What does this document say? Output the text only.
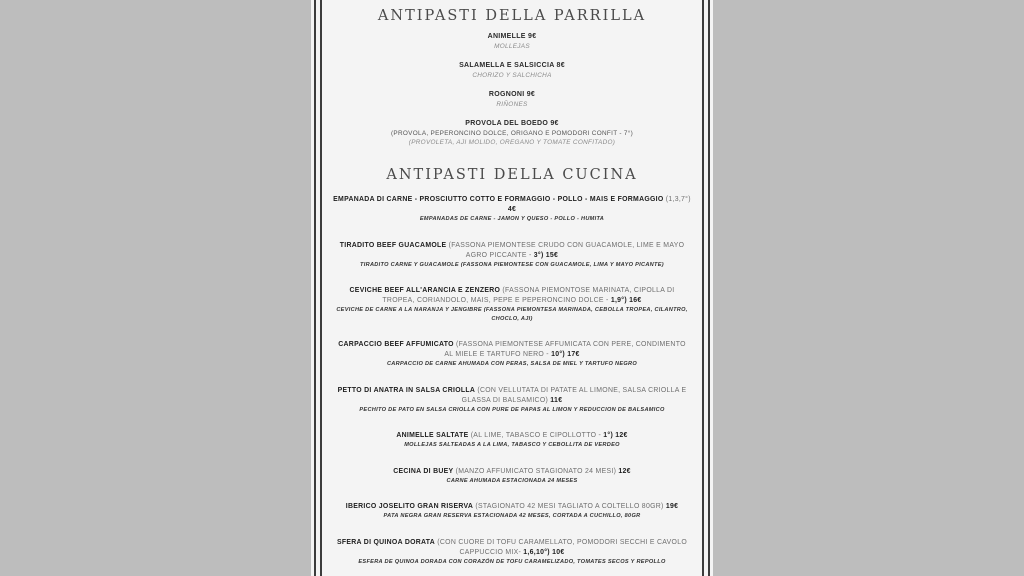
ANTIPASTI DELLA PARRILLA
ANIMELLE 9€
MOLLEJAS
SALAMELLA E SALSICCIA 8€
CHORIZO Y SALCHICHA
ROGNONI 9€
RIÑONES
PROVOLA DEL BOEDO 9€
(PROVOLA, PEPERONCINO DOLCE, ORIGANO E POMODORI CONFIT - 7°)
(PROVOLETA, AJI MOLIDO, OREGANO Y TOMATE CONFITADO)
ANTIPASTI DELLA CUCINA
EMPANADA DI CARNE - PROSCIUTTO COTTO E FORMAGGIO - POLLO - MAIS E FORMAGGIO (1,3,7°) 4€
EMPANADAS DE CARNE - JAMON Y QUESO - POLLO - HUMITA
TIRADITO BEEF GUACAMOLE (FASSONA PIEMONTESE CRUDO CON GUACAMOLE, LIME E MAYO AGRO PICCANTE - 3°) 15€
TIRADITO CARNE Y GUACAMOLE (FASSONA PIEMONTESE CON GUACAMOLE, LIMA Y MAYO PICANTE)
CEVICHE BEEF ALL'ARANCIA E ZENZERO (FASSONA PIEMONTOSE MARINATA, CIPOLLA DI TROPEA, CORIANDOLO, MAIS, PEPE E PEPERONCINO DOLCE - 1,9°) 16€
CEVICHE DE CARNE A LA NARANJA Y JENGIBRE (FASSONA PIEMONTESA MARINADA, CEBOLLA TROPEA, CILANTRO, CHOCLO, AJI)
CARPACCIO BEEF AFFUMICATO (FASSONA PIEMONTESE AFFUMICATA CON PERE, CONDIMENTO AL MIELE E TARTUFO NERO - 10°) 17€
CARPACCIO DE CARNE AHUMADA CON PERAS, SALSA DE MIEL Y TARTUFO NEGRO
PETTO DI ANATRA IN SALSA CRIOLLA (CON VELLUTATA DI PATATE AL LIMONE, SALSA CRIOLLA E GLASSA DI BALSAMICO) 11€
PECHITO DE PATO EN SALSA CRIOLLA CON PURE DE PAPAS AL LIMON Y REDUCCION DE BALSAMICO
ANIMELLE SALTATE (AL LIME, TABASCO E CIPOLLOTTO - 1°) 12€
MOLLEJAS SALTEADAS A LA LIMA, TABASCO Y CEBOLLITA DE VERDEO
CECINA DI BUEY (MANZO AFFUMICATO STAGIONATO 24 MESI) 12€
CARNE AHUMADA ESTACIONADA 24 MESES
IBERICO JOSELITO GRAN RISERVA (STAGIONATO 42 MESI TAGLIATO A COLTELLO 80GR) 19€
PATA NEGRA GRAN RESERVA ESTACIONADA 42 MESES, CORTADA A CUCHILLO, 80GR
SFERA DI QUINOA DORATA (CON CUORE DI TOFU CARAMELLATO, POMODORI SECCHI E CAVOLO CAPPUCCIO MIX- 1,6,10°) 10€
ESFERA DE QUINOA DORADA CON CORAZÓN DE TOFU CARAMELIZADO, TOMATES SECOS Y REPOLLO
